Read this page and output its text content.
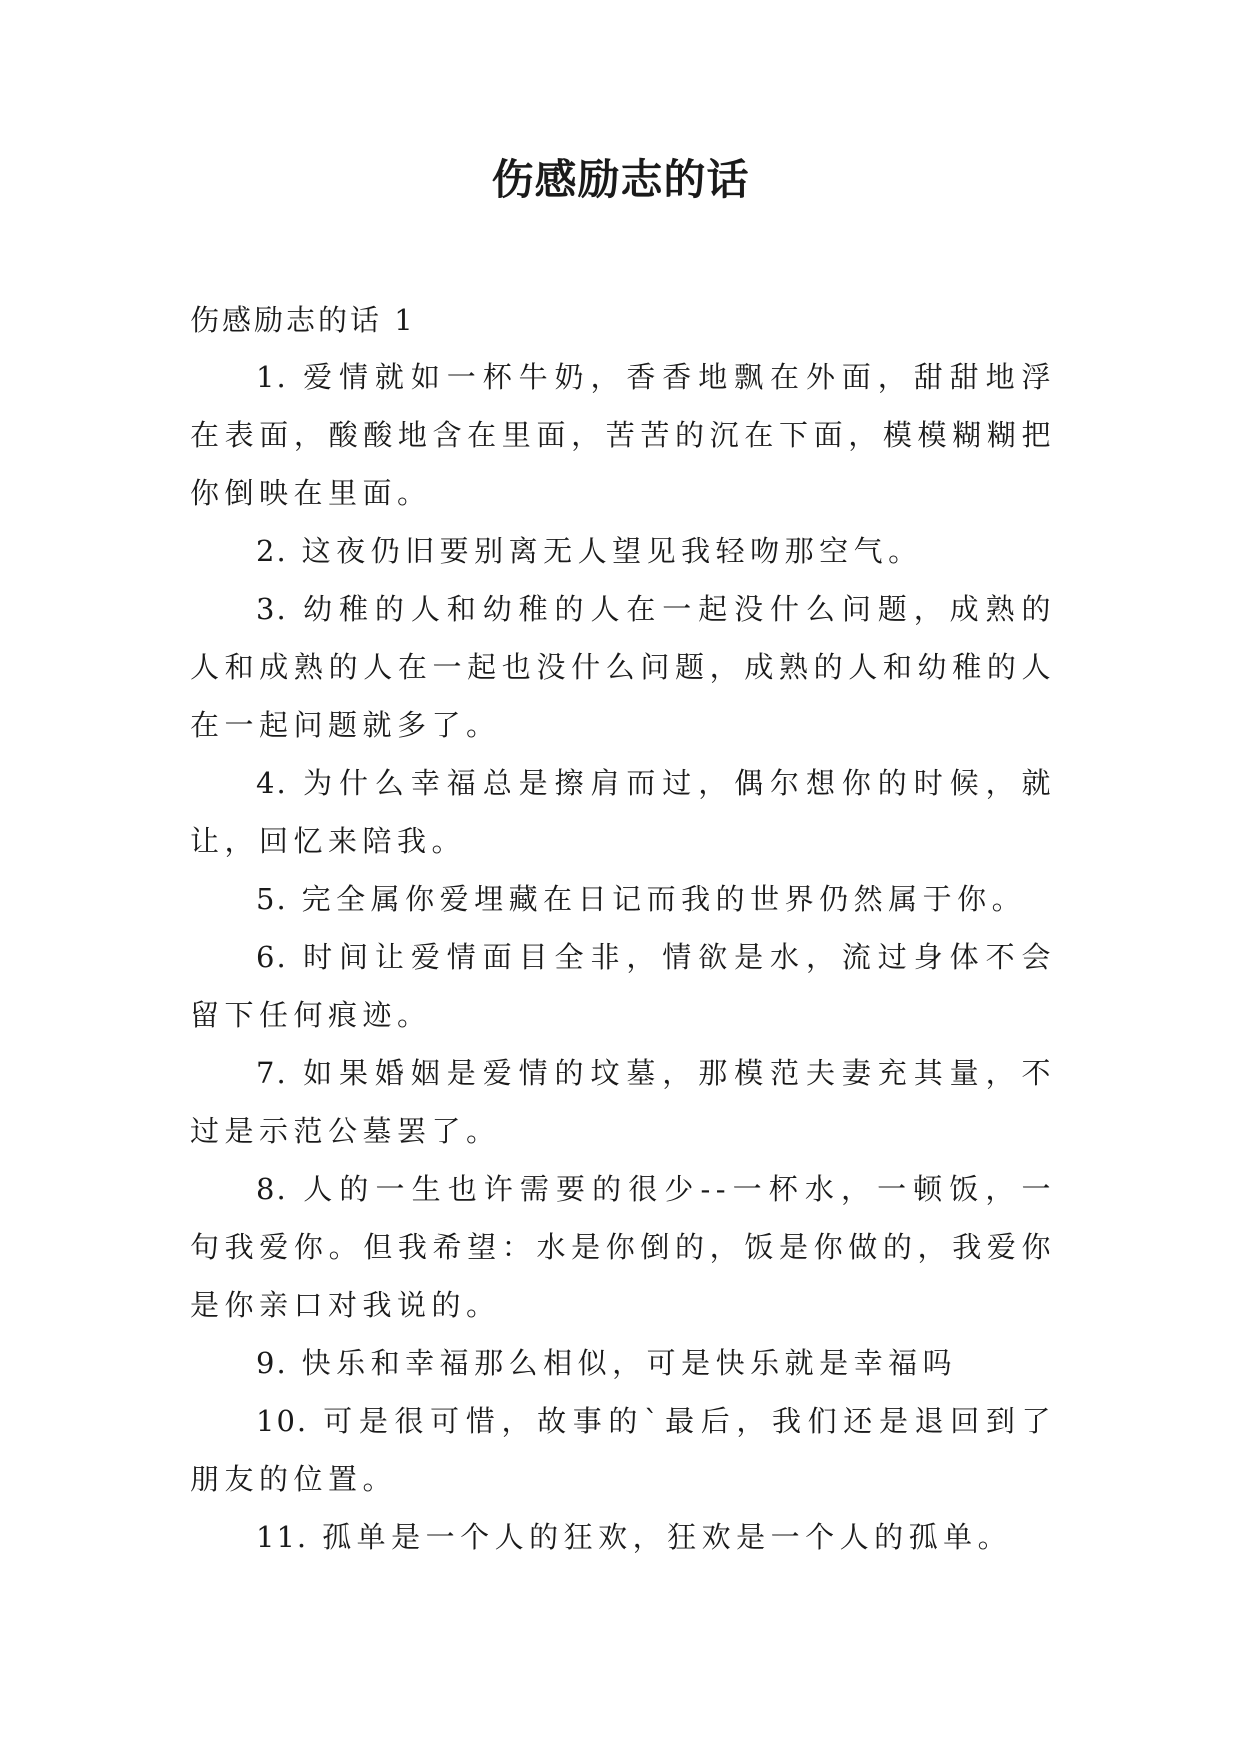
伤感励志的话

伤感励志的话 1

1. 爱情就如一杯牛奶，香香地飘在外面，甜甜地浮在表面，酸酸地含在里面，苦苦的沉在下面，模模糊糊把你倒映在里面。

2. 这夜仍旧要别离无人望见我轻吻那空气。

3. 幼稚的人和幼稚的人在一起没什么问题，成熟的人和成熟的人在一起也没什么问题，成熟的人和幼稚的人在一起问题就多了。

4. 为什么幸福总是擦肩而过，偶尔想你的时候，就让，回忆来陪我。

5. 完全属你爱埋藏在日记而我的世界仍然属于你。

6. 时间让爱情面目全非，情欲是水，流过身体不会留下任何痕迹。

7. 如果婚姻是爱情的坟墓，那模范夫妻充其量，不过是示范公墓罢了。

8. 人的一生也许需要的很少--一杯水，一顿饭，一句我爱你。但我希望：水是你倒的，饭是你做的，我爱你是你亲口对我说的。

9. 快乐和幸福那么相似，可是快乐就是幸福吗

10. 可是很可惜，故事的`最后，我们还是退回到了朋友的位置。

11. 孤单是一个人的狂欢，狂欢是一个人的孤单。
